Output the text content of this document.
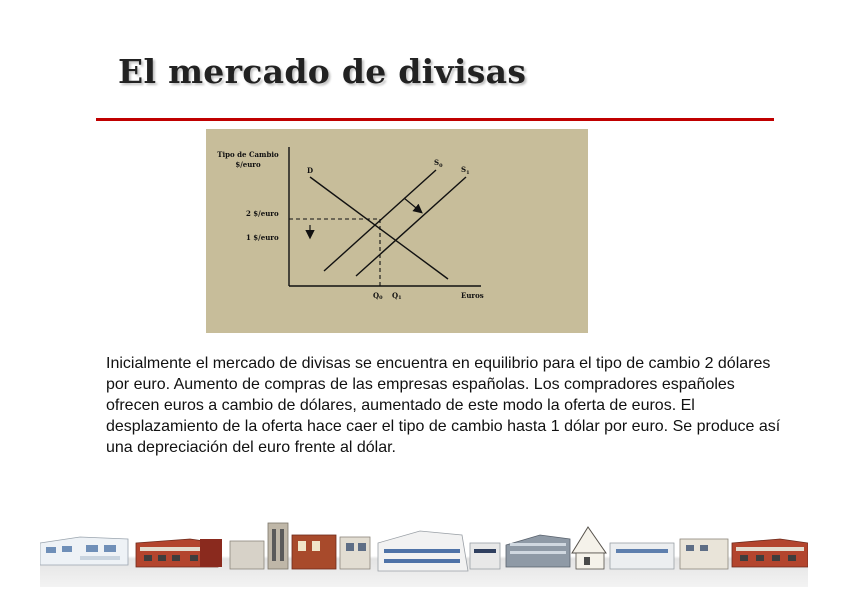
El mercado de divisas
Tipo de Cambio
$/euro
2 $/euro
1 $/euro
D
$S_0$	$S_1$
Q0 Q1	Euros

Inicialmente el mercado de divisas se encuentra en equilibrio para el tipo de cambio 2 dólares por euro. Aumento de compras de las empresas españolas. Los compradores españoles ofrecen euros a cambio de dólares, aumentado de este modo la oferta de euros. El desplazamiento de la oferta hace caer el tipo de cambio hasta 1 dólar por euro. Se produce así una depreciación del euro frente al dólar.
